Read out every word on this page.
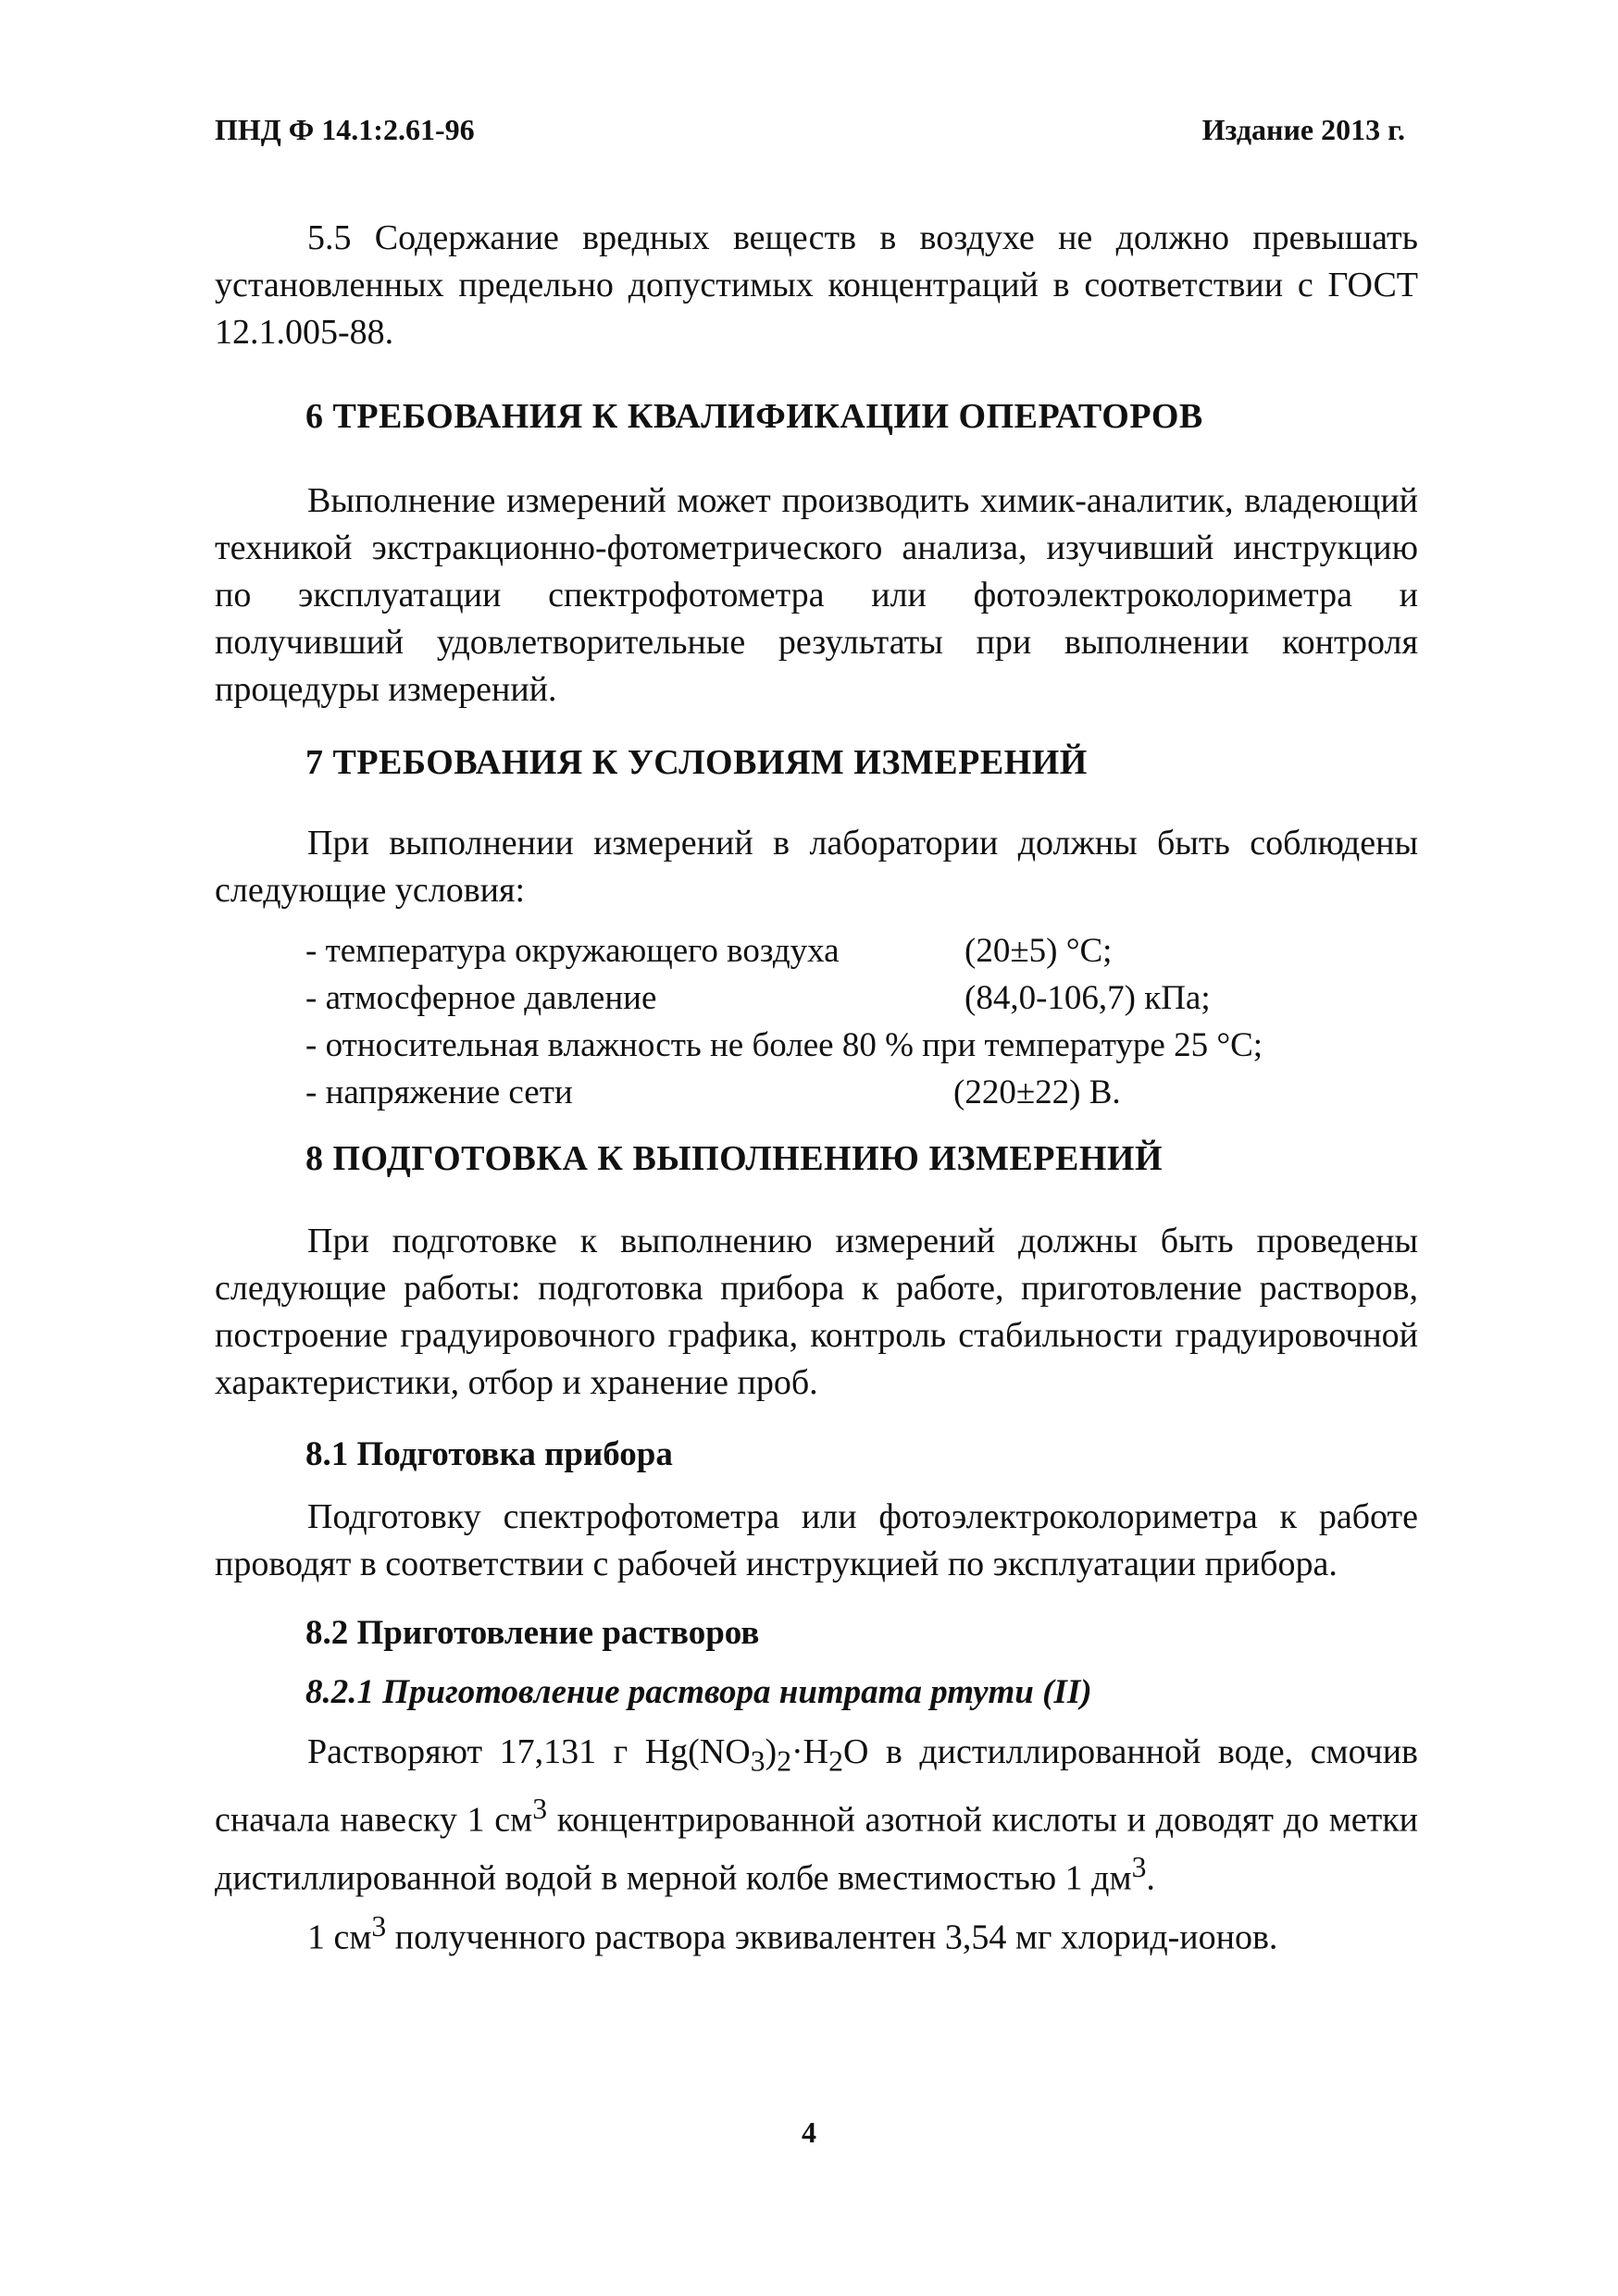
ПНД Ф 14.1:2.61-96	Издание 2013 г.

5.5 Содержание вредных веществ в воздухе не должно превышать установленных предельно допустимых концентраций в соответствии с ГОСТ 12.1.005-88.

6 ТРЕБОВАНИЯ К КВАЛИФИКАЦИИ ОПЕРАТОРОВ

Выполнение измерений может производить химик-аналитик, владеющий техникой экстракционно-фотометрического анализа, изучивший инструкцию по эксплуатации спектрофотометра или фотоэлектроколориметра и получивший удовлетворительные результаты при выполнении контроля процедуры измерений.

7 ТРЕБОВАНИЯ К УСЛОВИЯМ ИЗМЕРЕНИЙ

При выполнении измерений в лаборатории должны быть соблюдены следующие условия:

- температура окружающего воздуха	(20±5) °С;
- атмосферное давление	(84,0-106,7) кПа;
- относительная влажность не более 80 % при температуре 25 °С;
- напряжение сети	(220±22) В.
8 ПОДГОТОВКА К ВЫПОЛНЕНИЮ ИЗМЕРЕНИЙ

При подготовке к выполнению измерений должны быть проведены следующие работы: подготовка прибора к работе, приготовление растворов, построение градуировочного графика, контроль стабильности градуировочной характеристики, отбор и хранение проб.

8.1 Подготовка прибора

Подготовку спектрофотометра или фотоэлектроколориметра к работе проводят в соответствии с рабочей инструкцией по эксплуатации прибора.

8.2 Приготовление растворов
8.2.1 Приготовление раствора нитрата ртути (II)

Растворяют 17,131 г $Hg(NO_3)_2\cdot H_2О$ в дистиллированной воде, смочив сначала навеску 1 $см^3$ концентрированной азотной кислоты и доводят до метки дистиллированной водой в мерной колбе вместимостью 1 $дм^3$.

1 $см^3$ полученного раствора эквивалентен 3,54 мг хлорид-ионов.

4
